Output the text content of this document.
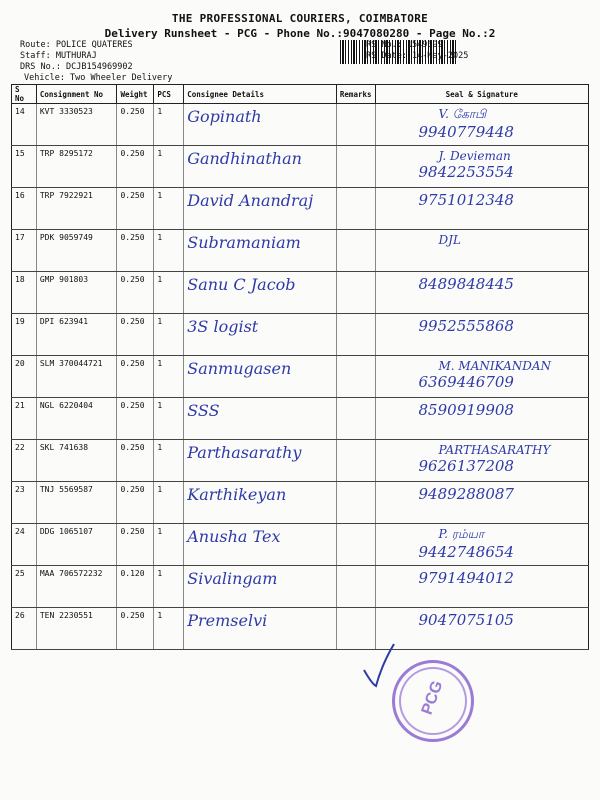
THE PROFESSIONAL COURIERS, COIMBATORE
Delivery Runsheet - PCG - Phone No.:9047080280 - Page No.:2
Route: POLICE QUATERES
Staff: MUTHURAJ
DRS No.: DCJB154969902
Vehicle: Two Wheeler Delivery
RS No.: 1549699
RS Date: 14-May-2025
S No	Consignment No	Weight	PCS	Consignee Details	Remarks	Seal & Signature
14	KVT 3330523	0.250	1	Gopinath		V. கோபி
9940779448

15	TRP 8295172	0.250	1	Gandhinathan		J. Devieman
9842253554

16	TRP 7922921	0.250	1	David Anandraj		9751012348

17	PDK 9059749	0.250	1	Subramaniam		DJL

18	GMP 901803	0.250	1	Sanu C Jacob		8489848445

19	DPI 623941	0.250	1	3S logist		9952555868

20	SLM 370044721	0.250	1	Sanmugasen		M. MANIKANDAN
6369446709

21	NGL 6220404	0.250	1	SSS		8590919908

22	SKL 741638	0.250	1	Parthasarathy		PARTHASARATHY
9626137208

23	TNJ 5569587	0.250	1	Karthikeyan		9489288087

24	DDG 1065107	0.250	1	Anusha Tex		P. ரம்யா
9442748654

25	MAA 706572232	0.120	1	Sivalingam		9791494012

26	TEN 2230551	0.250	1	Premselvi		9047075105
PCG
